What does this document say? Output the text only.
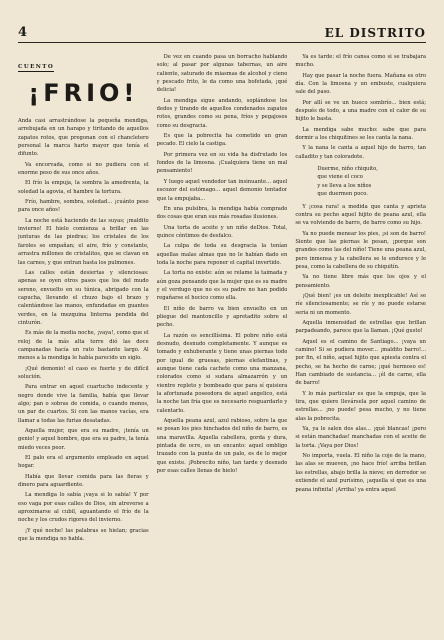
4	EL DISTRITO
CUENTO
¡FRIO!

Anda casi arrastrándose la pequeña mendiga, arrebujada en un harapo y tiritando de aquellos zapatos rotos, que pregonan con el chancletero personal la marca harto mayor que tenía el difunto.

Va encorvada, como si no pudiera con el enorme peso de sus once años.

El frío la empuja, la sombra la amedrenta, la soledad la agovia, el hambre la tortura.

Frío, hambre, sombra, soledad... ¡cuánto peso para once años!

La noche está haciendo de las suyas; ¡maldito invierno! El hielo comienza a brillar en las junturas de las piedras; los cristales de los faroles se empañan; el aire, frío y constante, arrastra millones de cristalitos, que se clavan en las carnes, y que entran hasta los pulmones.

Las calles están desiertas y silenciosas: apenas se oyen otros pasos que los del mudo sereno, envuelto en su túnica, abrigado con la capucha, llevando el chuzo bajo el brazo y calentándose las manos, enfundadas en guantes verdes, en la mezquina linterna pendida del cinturón.

Es más de la media noche, ¡vaya!, como que el reloj de la más alta torre dió las doce campanadas hacía un rato bastante largo. Al menos a la mendiga le había parecido un siglo.

¡Qué demonio! el caso es fuerte y de difícil solución.

Para entrar en aquel cuartucho indecente y negro donde vive la familia, había que llevar algo; pan o sobras de comida, o cuando menos, un par de cuartos. Si con las manos vacías, era llamar a todas las furias desatadas.

Aquella mujer, que era su madre, ¡tenía un genio! y aquel hombre, que era su padre, la tenía miedo veces peor.

El palo era el argumento empleado en aquel hogar.

Había que llevar comida para las fieras y dinero para aguardiente.

La mendiga lo sabía ¡vaya si lo sabía! Y por eso vaga por esas calles de Dios, sin atreverse a aproximarse al cubil, aguantando el frío de la noche y los crudos rigores del invierno.

¡Y qué noche! las palabras se hielan; gracias que la mendiga no habla.

De vez en cuando pasa un borracho hablando solo; al pasar por algunas tabernas, un aire caliente, saturado de miasmas de alcohol y cieno y pescado frito, le da como una bofetada, ¡qué delicia!

La mendiga sigue andando, soplándose los dedos y tirando de aquellos condenados zapatos rotos, grandes como su pena, fríos y pegajosos como su desgracia.

Es que la pobrecita ha cometido un gran pecado. El cielo la castiga.

Por primera vez en su vida ha disfrutado los fondos de la limosna. ¡Cualquiera tiene un mal pensamiento!

Y luego aquel vendedor tan insinuante... aquel escozor del estómago... aquel demonio tentador que la empujaba...

En una pulsibra, la mendiga había comprado dos cosas que eran sus más rosadas ilusiones.

Una torta de aceite y un niño deDios. Total, quince céntimos de desfalco.

La culpa de toda su desgracia la tenían aquellas malas almas que no le habían dado en toda la noche para reponer el capital invertido.

La torta no existe: aún se relame la taimada y aún goza pensando que la mujer que es su madre y el verdugo que no es su padre no han podido regañarse el hocico como ella.

El niño de barro va bien envuelto en un pliegue del mantoncillo y apretadito sobre el pecho.

La razón es sencillísima. El pobre niño está desnudo, desnudo completamente. Y aunque es tomado y exhuberante y tiene unas piernas todo por igual de gruesas, piernas elefantinas, y aunque tiene cada cachete como una manzana, colorados como si sudara almazarrón y un vientre repleto y bombeado que para sí quisiera la afortunada poseedora de aquel angelico, está la noche tan fría que es necesario resguardarlo y calentarlo.

Aquella peana azul, azul rabioso, sobre la que se posan los pies hinchados del niño de barro, es una maravilla. Aquella cabellera, gorda y dura, pintada de ocre, es un encanto: aquel ombligo trazado con la punta de un palo, es de lo mejor que existe. ¡Pobrecito niño, tan tarde y desnudo por esas calles llenas de hielo!

Ya es tarde: el frío cansa como si se trabajara mucho.

Hay que pasar la noche fuera. Mañana es otro día. Con la limosna y un embuste, cualquiera sale del paso.

Por allí se ve un hueco sombrío... bien está; después de todo, a una madre con el calor de su hijito le basta.

La mendiga sabe mucho: sabe que para dormir a los chiquitines se les canta la nana.

Y la nana le canta a aquel hijo de barro, tan calladito y tan coloradote.

Duerme, niño chiquito,
que viene el coco
y se lleva a los niños
que duermen poco.

Y ¡cosa rara! a medida que canta y aprieta contra su pecho aquel hijito de peana azul, ella se va volviendo de barro, de barro como su hijo.

Ya no puede menear los pies, ¡si son de barro! Siente que las piernas le pesan, ¡porque son grandes como las del niño! Tiene una peana azul, pero inmensa y la cabellera se le endurece y le pesa, como la cabellera de su chiquitín.

Ya no tiene libre más que los ojos y el pensamiento.

¡Qué bien! ¡es un deleite inexplicable! Así se ríe silenciosamente; se ríe y no puede estarse seria ni un momento.

Aquella inmensidad de estrellas que brillan parpadeando, parece que la llaman. ¡Qué gusto!

Aquel es el camino de Santiago... ¡vaya un camino! Si se pudiera mover... ¡maldito barro!... por fin, el niño, aquel hijito que apiesta contra el pecho, se ha hecho de carne; ¡qué hermoso es! Han cambiado de sustancia... ¡él de carne, ella de barro!

Y lo más particular es que la empuja, que la tira, que quiere llevársela por aquel camino de estrellas... ¡no puede! pesa mucho, y no tiene alas la pobrecita.

Ya, ya le salen dos alas... ¡qué blancas! ¡pero si están manchadas! manchadas con el aceite de la torta. ¡Vaya por Dios!

No importa, vuela. El niño la coje de la mano, las alas se mueven, ¡no hace frío! arriba brillan las estrellas, abajo brilla la nieve; en derredor se extiende el azul purísimo, ¡aquella sí que es una peana infinita! ¡Arriba! ya entra aquel
